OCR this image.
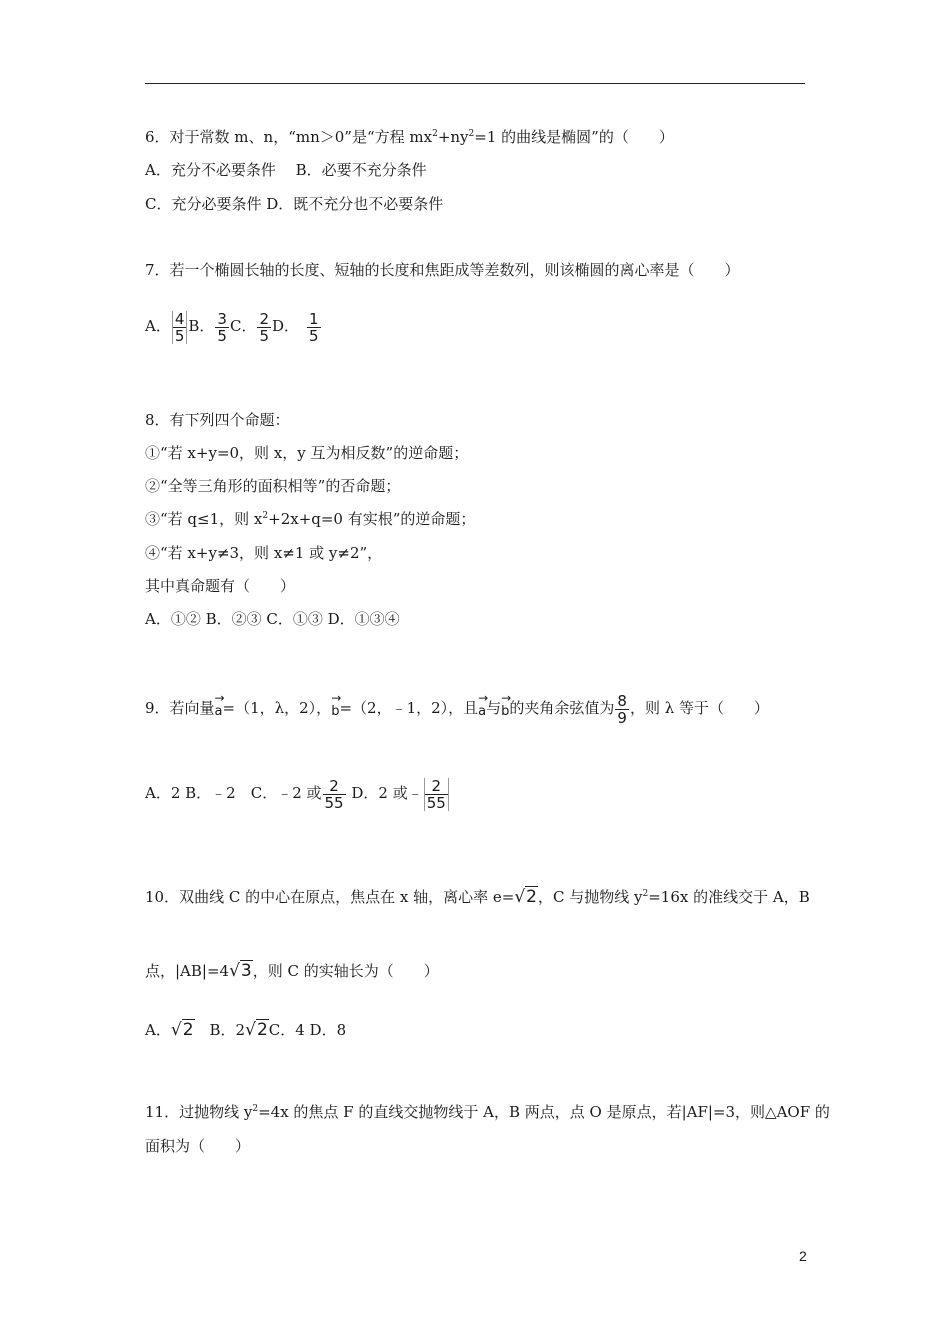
6．对于常数 m、n，“mn＞0”是“方程 $mx^2+ny^2=1$ 的曲线是椭圆”的（　　）
A．充分不必要条件　 B．必要不充分条件
C．充分必要条件 D．既不充分也不必要条件
7．若一个椭圆长轴的长度、短轴的长度和焦距成等差数列，则该椭圆的离心率是（　　）
A． $\frac{4}{5}$ B． $\frac{3}{5}$ C． $\frac{2}{5}$ D． $\frac{1}{5}$
8．有下列四个命题：
①“若 x+y=0，则 x，y 互为相反数”的逆命题；
②“全等三角形的面积相等”的否命题；
③“若 q≤1，则 $x^2+2x+q=0$ 有实根”的逆命题；
④“若 x+y≠3，则 x≠1 或 y≠2”，
其中真命题有（　　）
A．①② B．②③ C．①③ D．①③④
9．若向量→ a=（1，λ，2），→ b=（2，﹣1，2），且→ a与→ b的夹角余弦值为 $\frac{8}{9}$ ，则 λ 等于（　　）
A．2 B．﹣2　C．﹣2 或 $\frac{2}{55}$ D．2 或﹣ $\frac{2}{55}$
10．双曲线 C 的中心在原点，焦点在 x 轴，离心率 e=√2，C 与抛物线 $y^2=16x$ 的准线交于 A，B
点，|AB|=4√3，则 C 的实轴长为（　　）
A．√2　B．2√2C．4 D．8
11．过抛物线 $y^2=4x$ 的焦点 F 的直线交抛物线于 A，B 两点，点 O 是原点，若|AF|=3，则△AOF 的
面积为（　　）
2
